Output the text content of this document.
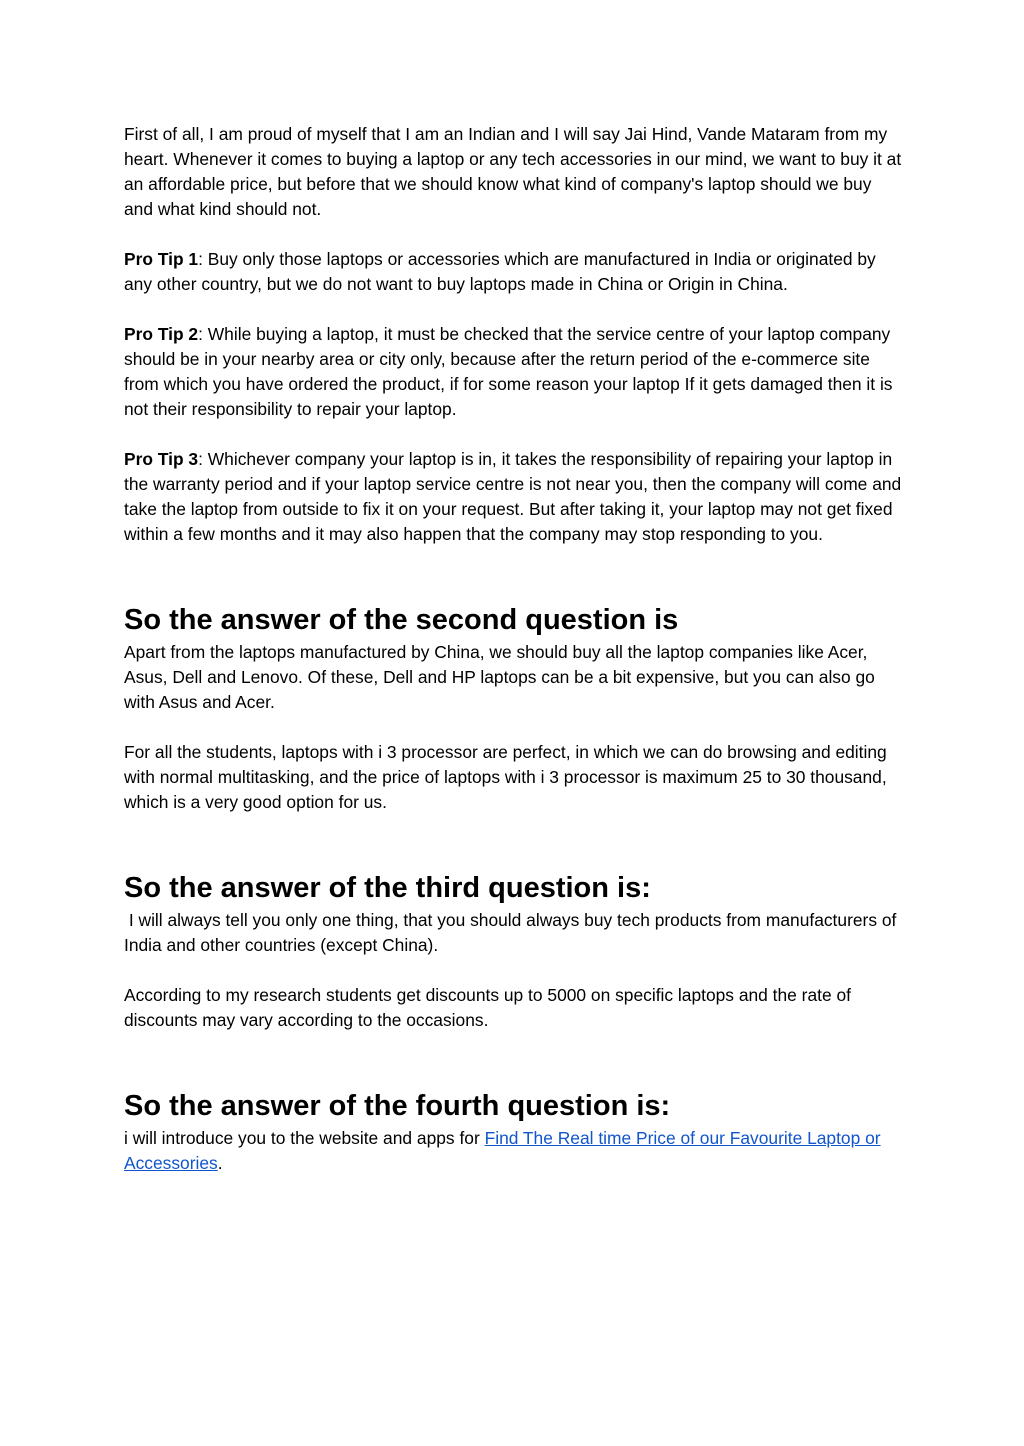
First of all, I am proud of myself that I am an Indian and I will say Jai Hind, Vande Mataram from my heart. Whenever it comes to buying a laptop or any tech accessories in our mind, we want to buy it at an affordable price, but before that we should know what kind of company's laptop should we buy and what kind should not.

Pro Tip 1: Buy only those laptops or accessories which are manufactured in India or originated by any other country, but we do not want to buy laptops made in China or Origin in China.

Pro Tip 2: While buying a laptop, it must be checked that the service centre of your laptop company should be in your nearby area or city only, because after the return period of the e-commerce site from which you have ordered the product, if for some reason your laptop If it gets damaged then it is not their responsibility to repair your laptop.

Pro Tip 3: Whichever company your laptop is in, it takes the responsibility of repairing your laptop in the warranty period and if your laptop service centre is not near you, then the company will come and take the laptop from outside to fix it on your request. But after taking it, your laptop may not get fixed within a few months and it may also happen that the company may stop responding to you.

So the answer of the second question is

Apart from the laptops manufactured by China, we should buy all the laptop companies like Acer, Asus, Dell and Lenovo. Of these, Dell and HP laptops can be a bit expensive, but you can also go with Asus and Acer.

For all the students, laptops with i 3 processor are perfect, in which we can do browsing and editing with normal multitasking, and the price of laptops with i 3 processor is maximum 25 to 30 thousand, which is a very good option for us.

So the answer of the third question is:

I will always tell you only one thing, that you should always buy tech products from manufacturers of India and other countries (except China).

According to my research students get discounts up to 5000 on specific laptops and the rate of discounts may vary according to the occasions.

So the answer of the fourth question is:

i will introduce you to the website and apps for Find The Real time Price of our Favourite Laptop or Accessories.
